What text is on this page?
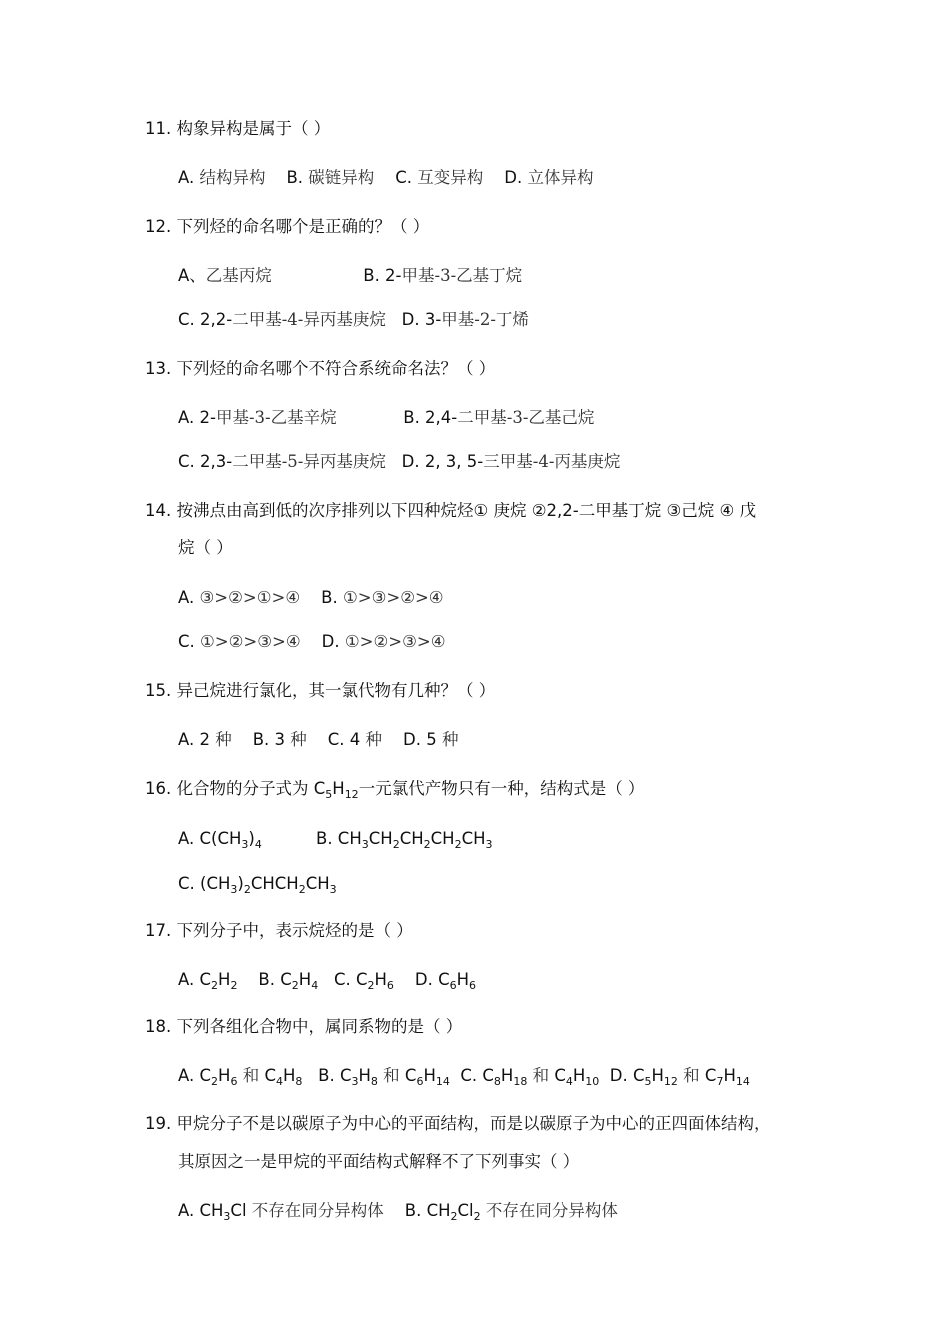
11. 构象异构是属于（ ）
A. 结构异构 B. 碳链异构 C. 互变异构 D. 立体异构
12. 下列烃的命名哪个是正确的？（ ）
A、乙基丙烷	B. 2-甲基-3-乙基丁烷
C. 2,2-二甲基-4-异丙基庚烷 D. 3-甲基-2-丁烯
13. 下列烃的命名哪个不符合系统命名法？（ ）
A. 2-甲基-3-乙基辛烷	B. 2,4-二甲基-3-乙基己烷
C. 2,3-二甲基-5-异丙基庚烷 D. 2, 3, 5-三甲基-4-丙基庚烷
14. 按沸点由高到低的次序排列以下四种烷烃① 庚烷 ②2,2-二甲基丁烷 ③己烷 ④ 戊
烷（ ）
A. ③>②>①>④ B. ①>③>②>④
C. ①>②>③>④ D. ①>②>③>④
15. 异己烷进行氯化，其一氯代物有几种？（ ）
A. 2 种 B. 3 种 C. 4 种 D. 5 种
16. 化合物的分子式为 $C_5H_{12}$一元氯代产物只有一种，结构式是（ ）
A. $C(CH_3)_4$	B. $CH_3CH_2CH_2CH_2CH_3$
C. $(CH_3)_2CHCH_2CH_3$
17. 下列分子中，表示烷烃的是（ ）
A. $C_2H_2$ B. $C_2H_4$ C. $C_2H_6$ D. $C_6H_6$
18. 下列各组化合物中，属同系物的是（ ）
A. $C_2H_6$ 和 $C_4H_8$ B. $C_3H_8$ 和 $C_6H_{14}$ C. $C_8H_{18}$ 和 $C_4H_{10}$ D. $C_5H_{12}$ 和 $C_7H_{14}$
19. 甲烷分子不是以碳原子为中心的平面结构，而是以碳原子为中心的正四面体结构，
其原因之一是甲烷的平面结构式解释不了下列事实（ ）
A. $CH_3Cl$ 不存在同分异构体 B. $CH_2Cl_2$ 不存在同分异构体
